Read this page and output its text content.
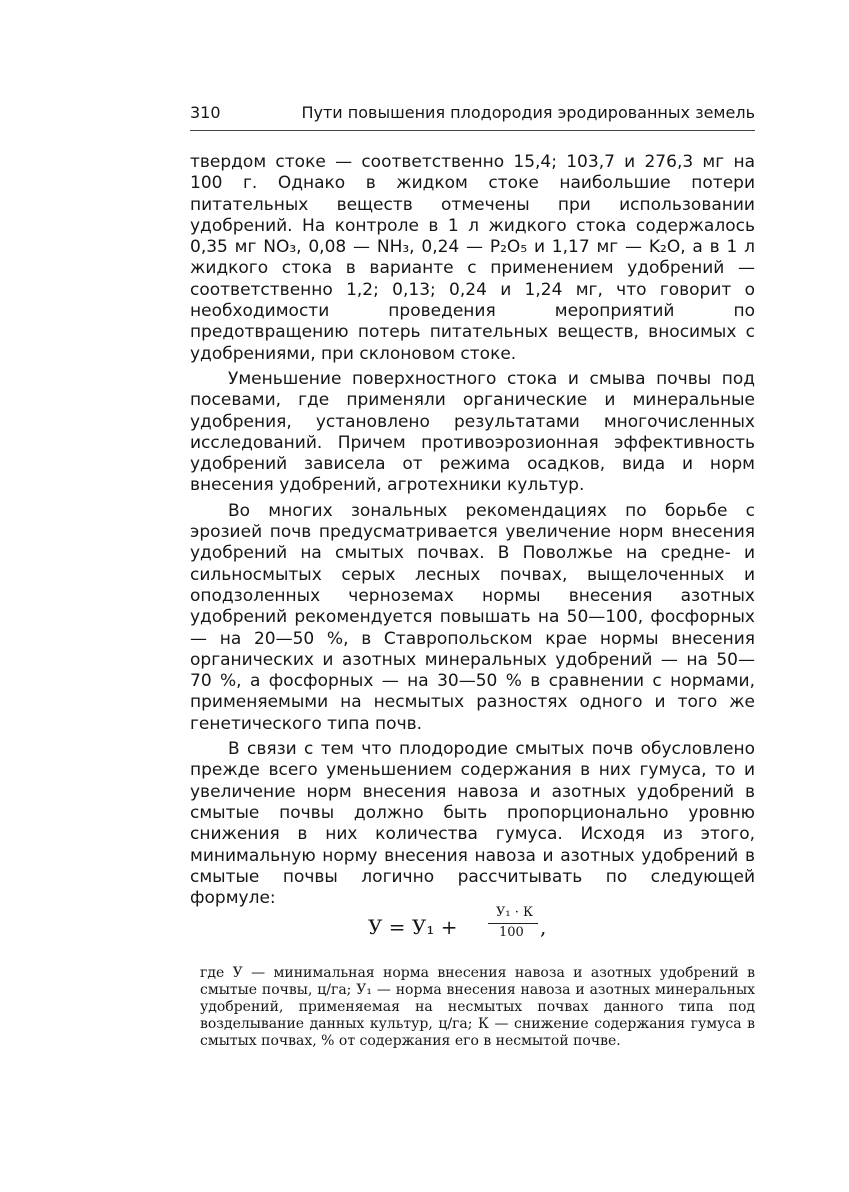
310	Пути повышения плодородия эродированных земель

твердом стоке — соответственно 15,4; 103,7 и 276,3 мг на 100 г. Однако в жидком стоке наибольшие потери питательных веществ отмечены при использовании удобрений. На контроле в 1 л жидкого стока содержалось 0,35 мг NO₃, 0,08 — NH₃, 0,24 — P₂O₅ и 1,17 мг — K₂O, а в 1 л жидкого стока в варианте с применением удобрений — соответственно 1,2; 0,13; 0,24 и 1,24 мг, что говорит о необходимости проведения мероприятий по предотвращению потерь питательных веществ, вносимых с удобрениями, при склоновом стоке.

Уменьшение поверхностного стока и смыва почвы под посевами, где применяли органические и минеральные удобрения, установлено результатами многочисленных исследований. Причем противоэрозионная эффективность удобрений зависела от режима осадков, вида и норм внесения удобрений, агротехники культур.

Во многих зональных рекомендациях по борьбе с эрозией почв предусматривается увеличение норм внесения удобрений на смытых почвах. В Поволжье на средне- и сильносмытых серых лесных почвах, выщелоченных и оподзоленных черноземах нормы внесения азотных удобрений рекомендуется повышать на 50—100, фосфорных — на 20—50 %, в Ставропольском крае нормы внесения органических и азотных минеральных удобрений — на 50—70 %, а фосфорных — на 30—50 % в сравнении с нормами, применяемыми на несмытых разностях одного и того же генетического типа почв.

В связи с тем что плодородие смытых почв обусловлено прежде всего уменьшением содержания в них гумуса, то и увеличение норм внесения навоза и азотных удобрений в смытые почвы должно быть пропорционально уровню снижения в них количества гумуса. Исходя из этого, минимальную норму внесения навоза и азотных удобрений в смытые почвы логично рассчитывать по следующей формуле:

У = У₁ +
У₁ · К
100 ,
где У — минимальная норма внесения навоза и азотных удобрений в смытые почвы, ц/га; У₁ — норма внесения навоза и азотных минеральных удобрений, применяемая на несмытых почвах данного типа под возделывание данных культур, ц/га; К — снижение содержания гумуса в смытых почвах, % от содержания его в несмытой почве.
